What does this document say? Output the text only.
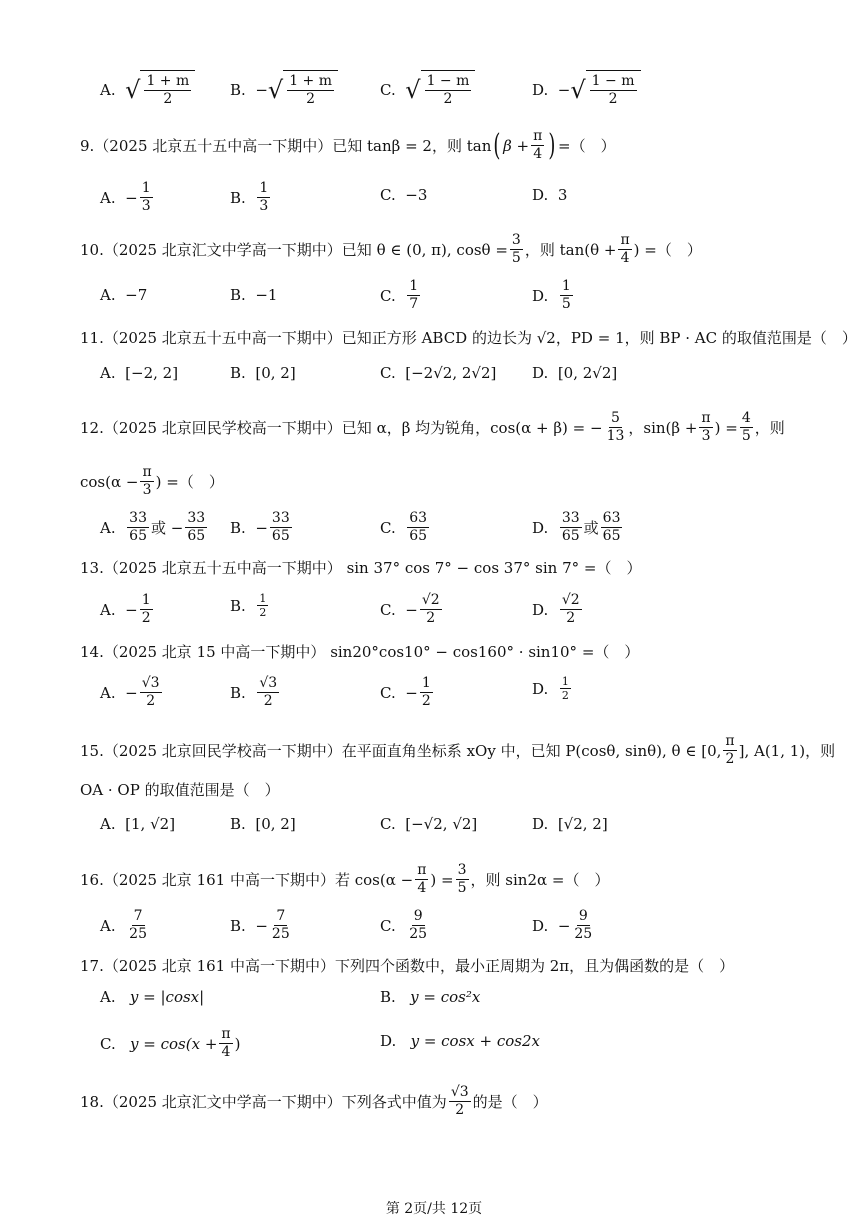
A.
√ $\frac{1 + m}{2}$	B. − √ $\frac{1 + m}{2}$	C.
√ $\frac{1 - m}{2}$	D. − √ $\frac{1 - m}{2}$
9.（2025 北京五十五中高一下期中）已知 tanβ = 2，则 tan ( $\beta + \frac{\pi}{4}$ ) =（　）
A.
− $\frac{1}{3}$	B.
$\frac{1}{3}$	C.
−3	D.
3
10.（2025 北京汇文中学高一下期中）已知 θ ∈ (0, π), $\cos\theta = \frac{3}{5}$ ，则 $\tan(\theta + \frac{\pi}{4}$ ) =（　）
A.
−7	B.
−1	C.
$\frac{1}{7}$	D.
$\frac{1}{5}$
11.（2025 北京五十五中高一下期中）已知正方形 ABCD 的边长为 √2，PD = 1，则 BP · AC 的取值范围是（　）
A.
[−2, 2]	B.
[0, 2]	C.
[−2√2, 2√2] D.
[0, 2√2]
12.（2025 北京回民学校高一下期中）已知 α，β 均为锐角，cos(α + β) = − $\frac{5}{13}$ ，$\sin(\beta + \frac{\pi}{3}$ ) = $\frac{4}{5}$ ，则
$\cos(\alpha - \frac{\pi}{3}$ ) =（　）
A.
$\frac{33}{65}$ 或 − $\frac{33}{65} B$.
− $\frac{33}{65}$	C.
$\frac{63}{65}$	D.
$\frac{33}{65}$ 或 $\frac{63}{65}$
13.（2025 北京五十五中高一下期中） sin 37° cos 7° − cos 37° sin 7° =（　）
A.
− $\frac{1}{2}$	B.
$\frac{1}{2}$	C.
− $\frac{√2}{2}$	D.
$\frac{√2}{2}$
14.（2025 北京 15 中高一下期中） sin20°cos10° − cos160° · sin10° =（　）
A.
− $\frac{√3}{2}$	B.
$\frac{√3}{2}$	C.
− $\frac{1}{2}$	D.
$\frac{1}{2}$
15.（2025 北京回民学校高一下期中）在平面直角坐标系 xOy 中，已知 P(cosθ, sinθ), θ ∈ [0, $\frac{\pi}{2}$ ], A(1, 1)，则
OA · OP 的取值范围是（　）
A.
[1, √2]	B.
[0, 2]	C.
[−√2, √2]	D.
[√2, 2]
16.（2025 北京 161 中高一下期中）若 $\cos(\alpha - \frac{\pi}{4}$ ) = $\frac{3}{5}$ ，则 sin2α =（　）
A.
$\frac{7}{25}$	B.
− $\frac{7}{25}$	C.
$\frac{9}{25}$	D.
− $\frac{9}{25}$
17.（2025 北京 161 中高一下期中）下列四个函数中，最小正周期为 2π，且为偶函数的是（　）
A.
y = |cosx|	B.
y = cos²x
C.
$y = \cos(x + \frac{\pi}{4}$ )	D.
y = cosx + cos2x
18.（2025 北京汇文中学高一下期中）下列各式中值为 $\frac{√3}{2}$ 的是（　）
第 2页/共 12页
